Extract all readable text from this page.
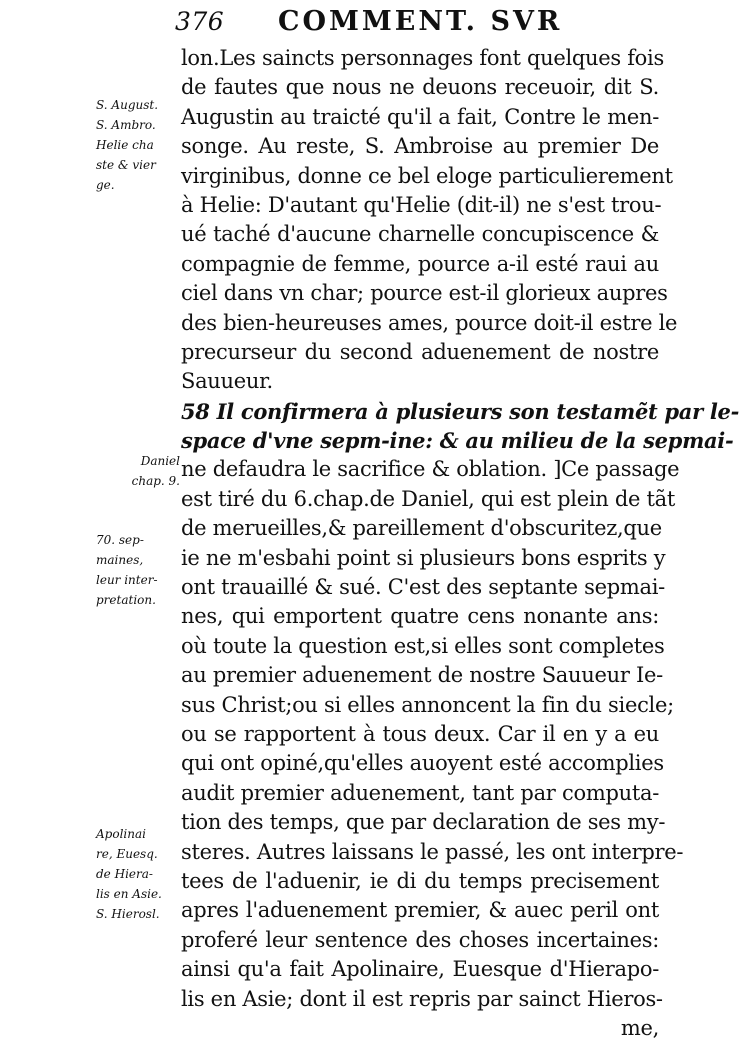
376 COMMENT. SVR
S. August.
S. Ambro.
Helie cha
ste & vier
ge.
Daniel
chap. 9.
70. sep-
maines,
leur inter-
pretation.
Apolinai
re, Euesq.
de Hiera-
lis en Asie.
S. Hierosl.
lon.Les saincts personnages font quelques fois
de fautes que nous ne deuons receuoir, dit S.
Augustin au traicté qu'il a fait, Contre le men-
songe. Au reste, S. Ambroise au premier De
virginibus, donne ce bel eloge particulierement
à Helie: D'autant qu'Helie (dit-il) ne s'est trou-
ué taché d'aucune charnelle concupiscence &
compagnie de femme, pource a-il esté raui au
ciel dans vn char; pource est-il glorieux aupres
des bien-heureuses ames, pource doit-il estre le
precurseur du second aduenement de nostre
Sauueur.
58 Il confirmera à plusieurs son testamẽt par le-
space d'vne sepm-ine: & au milieu de la sepmai-
ne defaudra le sacrifice & oblation. ]Ce passage
est tiré du 6.chap.de Daniel, qui est plein de tãt
de merueilles,& pareillement d'obscuritez,que
ie ne m'esbahi point si plusieurs bons esprits y
ont trauaillé & sué. C'est des septante sepmai-
nes, qui emportent quatre cens nonante ans:
où toute la question est,si elles sont completes
au premier aduenement de nostre Sauueur Ie-
sus Christ;ou si elles annoncent la fin du siecle;
ou se rapportent à tous deux. Car il en y a eu
qui ont opiné,qu'elles auoyent esté accomplies
audit premier aduenement, tant par computa-
tion des temps, que par declaration de ses my-
steres. Autres laissans le passé, les ont interpre-
tees de l'aduenir, ie di du temps precisement
apres l'aduenement premier, & auec peril ont
proferé leur sentence des choses incertaines:
ainsi qu'a fait Apolinaire, Euesque d'Hierapo-
lis en Asie; dont il est repris par sainct Hieros-
me,
